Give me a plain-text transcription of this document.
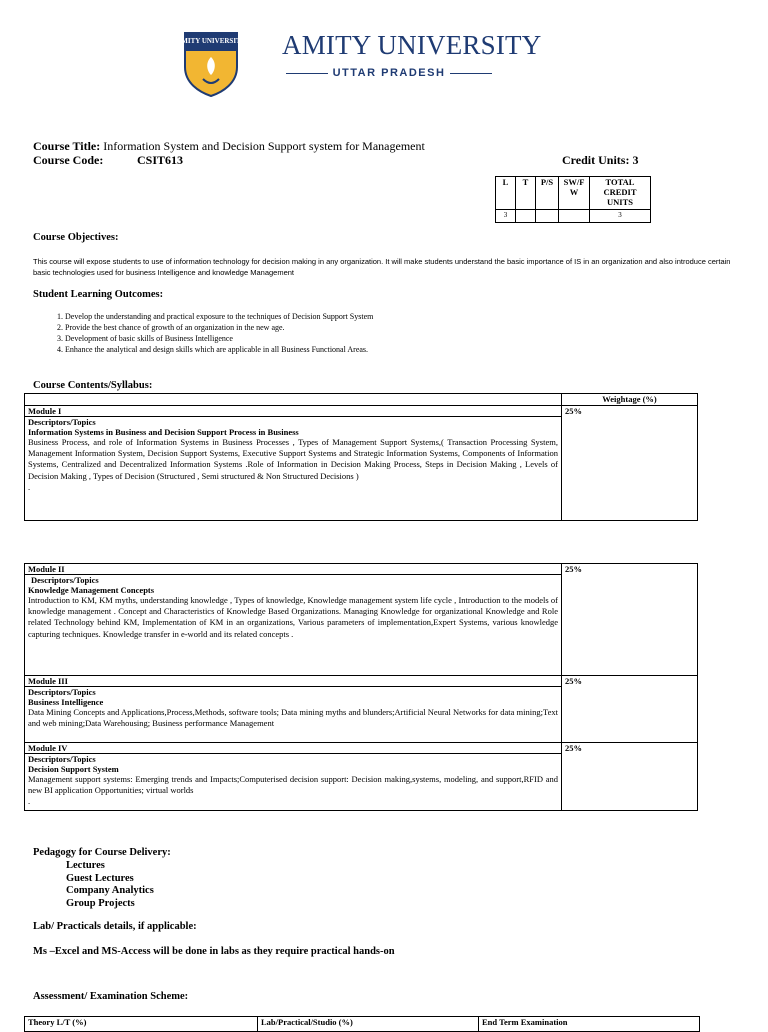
AMITY UNIVERSITY AMITY UNIVERSITY
UTTAR PRADESH
Course Title: Information System and Decision Support system for Management
Course Code:	CSIT613	Credit Units: 3
L	T	P/S	SW/F W	TOTAL CREDIT UNITS
3				3
Course Objectives:
This course will expose students to use of information technology for decision making in any organization. It will make students understand the basic importance of IS in an organization and also introduce certain basic technologies used for business Intelligence and knowledge Management
Student Learning Outcomes:
1. Develop the understanding and practical exposure to the techniques of Decision Support System
2. Provide the best chance of growth of an organization in the new age.
3. Development of basic skills of Business Intelligence
4. Enhance the analytical and design skills which are applicable in all Business Functional Areas.
Course Contents/Syllabus:
	Weightage (%)
Module I	25%

Descriptors/Topics
Information Systems in Business and Decision Support Process in Business
Business Process, and role of Information Systems in Business Processes , Types of Management Support Systems,( Transaction Processing System, Management Information System, Decision Support Systems, Executive Support Systems and Strategic Information Systems, Components of Information Systems, Centralized and Decentralized Information Systems .Role of Information in Decision Making Process, Steps in Decision Making , Levels of Decision Making , Types of Decision (Structured , Semi structured & Non Structured Decisions )
.	
Module II	25%

Descriptors/Topics
Knowledge Management Concepts
Introduction to KM, KM myths, understanding knowledge , Types of knowledge, Knowledge management system life cycle , Introduction to the models of knowledge management . Concept and Characteristics of Knowledge Based Organizations. Managing Knowledge for organizational Knowledge and Role related Technology behind KM, Implementation of KM in an organizations, Various parameters of implementation,Expert Systems, various knowledge capturing techniques. Knowledge transfer in e-world and its related concepts .	

Module III	25%

Descriptors/Topics
Business Intelligence
Data Mining Concepts and Applications,Process,Methods, software tools; Data mining myths and blunders;Artificial Neural Networks for data mining;Text and web mining;Data Warehousing; Business performance Management	

Module IV	25%

Descriptors/Topics
Decision Support System
Management support systems: Emerging trends and Impacts;Computerised decision support: Decision making,systems, modeling, and support,RFID and new BI application Opportunities; virtual worlds
.	
Pedagogy for Course Delivery:
Lectures
Guest Lectures
Company Analytics
Group Projects
Lab/ Practicals details, if applicable:
Ms –Excel and MS-Access will be done in labs as they require practical hands-on
Assessment/ Examination Scheme:
Theory L/T (%)	Lab/Practical/Studio (%)	End Term Examination
